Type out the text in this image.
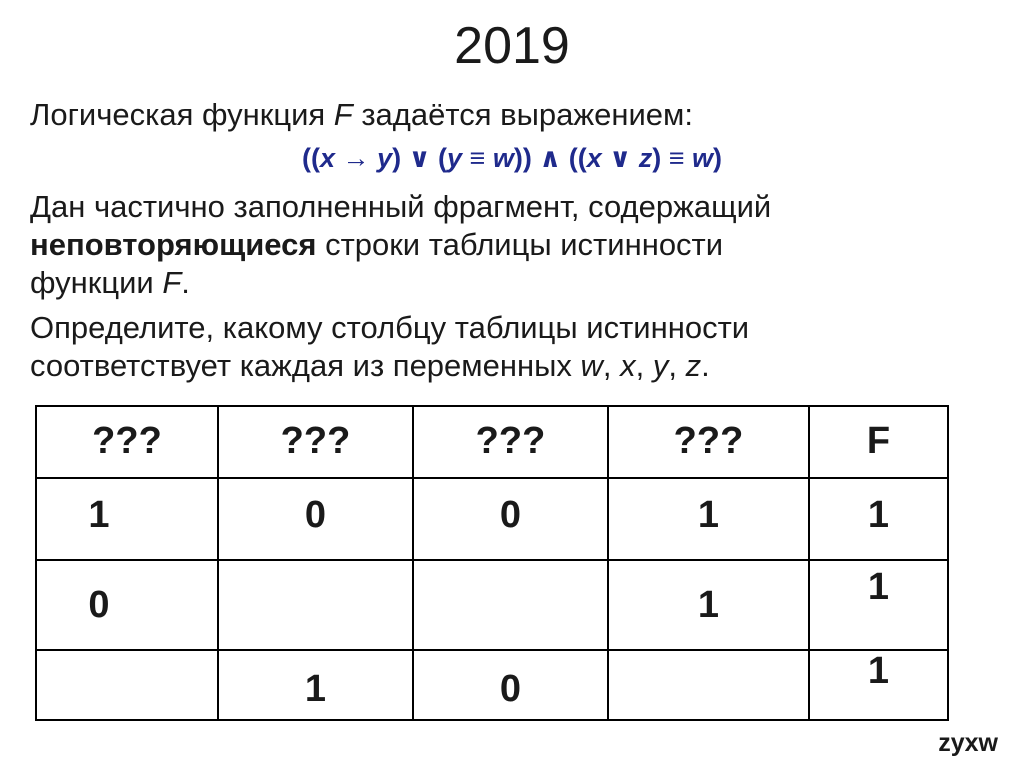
2019
Логическая функция F задаётся выражением:
((x → y) ∨ (y ≡ w)) ∧ ((x ∨ z) ≡ w)
Дан частично заполненный фрагмент, содержащий
неповторяющиеся строки таблицы истинности
функции F.
Определите, какому столбцу таблицы истинности
соответствует каждая из переменных w, x, y, z.
???	???	???	???	F

1	0	0	1	1

0			1	1

	1	0		1
zyxw
